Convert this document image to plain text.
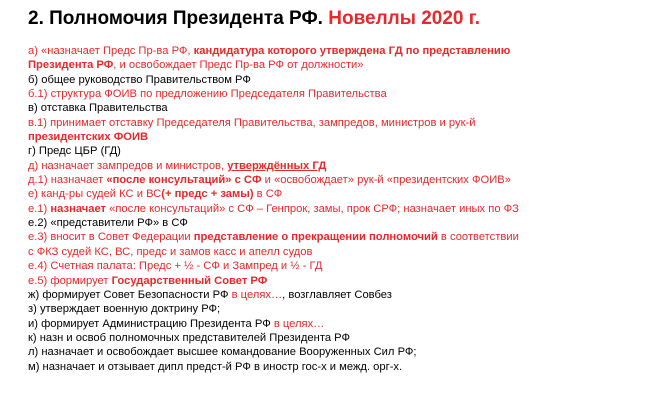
2. Полномочия Президента РФ. Новеллы 2020 г.
а) «назначает Предс Пр-ва РФ, кандидатура которого утверждена ГД по представлению
Президента РФ, и освобождает Предс Пр-ва РФ от должности»
б) общее руководство Правительством РФ
б.1) структура ФОИВ по предложению Председателя Правительства
в) отставка Правительства
в.1) принимает отставку Председателя Правительства, зампредов, министров и рук-й
президентских ФОИВ
г) Предс ЦБР (ГД)
д) назначает зампредов и министров, утверждённых ГД
д.1) назначает «после консультаций» с СФ и «освобождает» рук-й «президентских ФОИВ»
е) канд-ры судей КС и ВС(+ предс + замы) в СФ
е.1) назначает «после консультаций» с СФ – Генпрок, замы, прок СРФ; назначает иных по ФЗ
е.2) «представители РФ» в СФ
е.3) вносит в Совет Федерации представление о прекращении полномочий в соответствии
с ФКЗ судей КС, ВС, предс и замов касс и апелл судов
е.4) Счетная палата: Предс + ½ - СФ и Зампред и ½ - ГД
е.5) формирует Государственный Совет РФ
ж) формирует Совет Безопасности РФ в целях…, возглавляет Совбез
з) утверждает военную доктрину РФ;
и) формирует Администрацию Президента РФ в целях…
к) назн и освоб полномочных представителей Президента РФ
л) назначает и освобождает высшее командование Вооруженных Сил РФ;
м) назначает и отзывает дипл предст-й РФ в иностр гос-х и межд. орг-х.
